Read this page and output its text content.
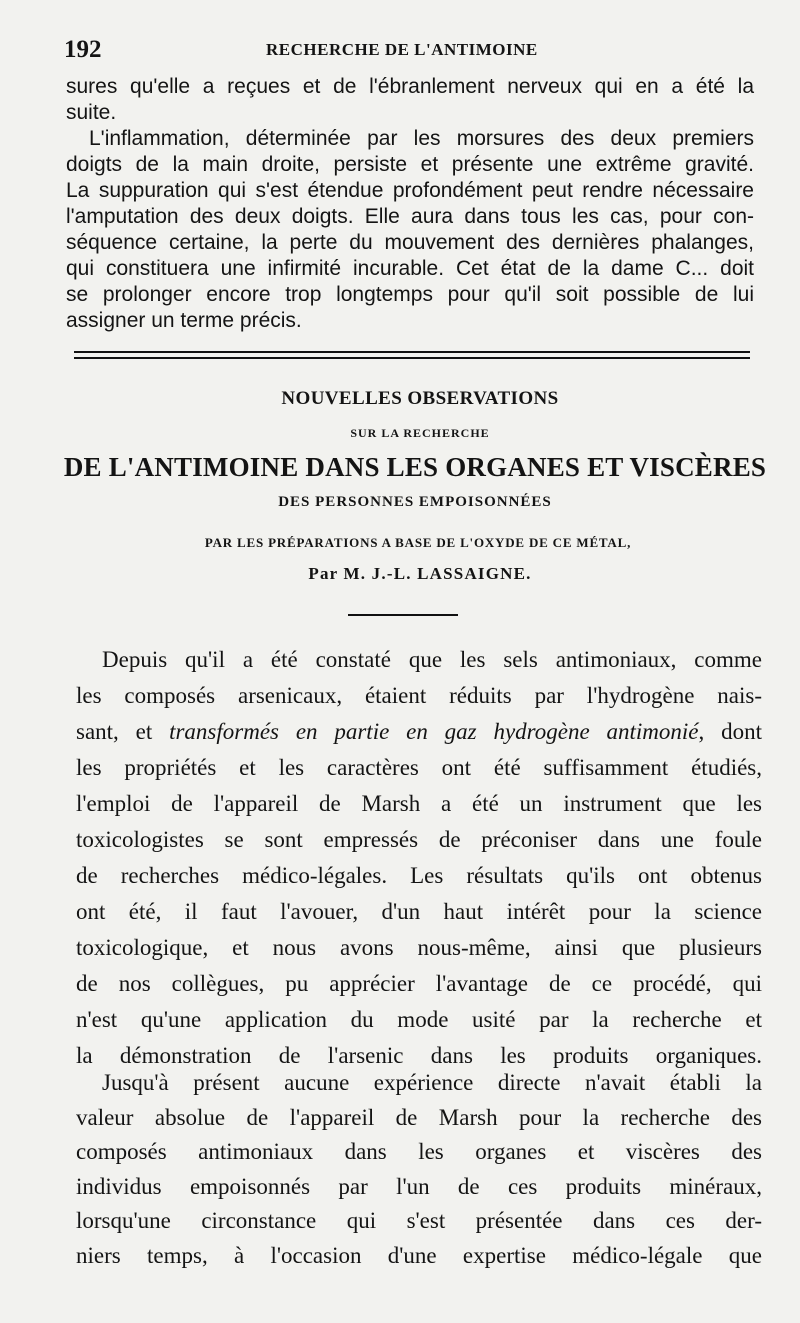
192	RECHERCHE DE L'ANTIMOINE

sures qu'elle a reçues et de l'ébranlement nerveux qui en a été la
suite.

L'inflammation, déterminée par les morsures des deux premiers
doigts de la main droite, persiste et présente une extrême gravité.
La suppuration qui s'est étendue profondément peut rendre nécessaire
l'amputation des deux doigts. Elle aura dans tous les cas, pour con-
séquence certaine, la perte du mouvement des dernières phalanges,
qui constituera une infirmité incurable. Cet état de la dame C... doit
se prolonger encore trop longtemps pour qu'il soit possible de lui
assigner un terme précis.

NOUVELLES OBSERVATIONS
SUR LA RECHERCHE
DE L'ANTIMOINE DANS LES ORGANES ET VISCÈRES
DES PERSONNES EMPOISONNÉES
PAR LES PRÉPARATIONS A BASE DE L'OXYDE DE CE MÉTAL,
Par M. J.-L. LASSAIGNE.

Depuis qu'il a été constaté que les sels antimoniaux, comme
les composés arsenicaux, étaient réduits par l'hydrogène nais-
sant, et transformés en partie en gaz hydrogène antimonié, dont
les propriétés et les caractères ont été suffisamment étudiés,
l'emploi de l'appareil de Marsh a été un instrument que les
toxicologistes se sont empressés de préconiser dans une foule
de recherches médico-légales. Les résultats qu'ils ont obtenus
ont été, il faut l'avouer, d'un haut intérêt pour la science
toxicologique, et nous avons nous-même, ainsi que plusieurs
de nos collègues, pu apprécier l'avantage de ce procédé, qui
n'est qu'une application du mode usité par la recherche et
la démonstration de l'arsenic dans les produits organiques.

Jusqu'à présent aucune expérience directe n'avait établi la
valeur absolue de l'appareil de Marsh pour la recherche des
composés antimoniaux dans les organes et viscères des
individus empoisonnés par l'un de ces produits minéraux,
lorsqu'une circonstance qui s'est présentée dans ces der-
niers temps, à l'occasion d'une expertise médico-légale que
